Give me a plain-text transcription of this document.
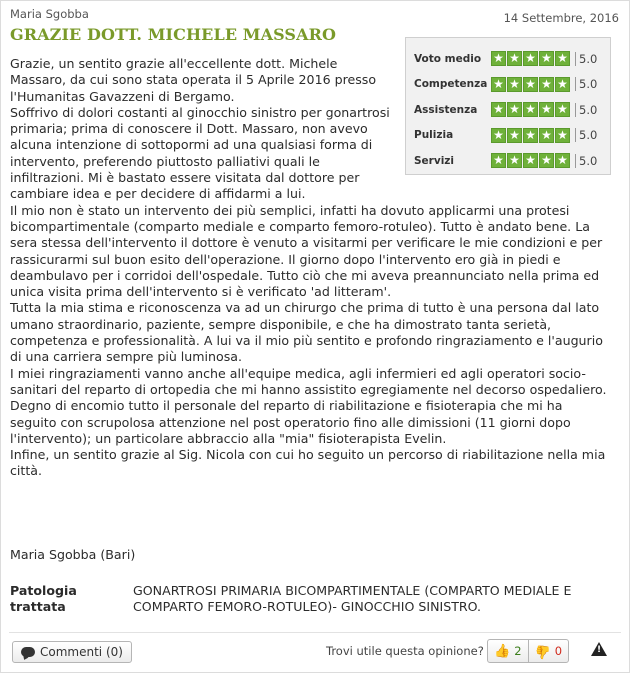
Maria Sgobba	14 Settembre, 2016
GRAZIE DOTT. MICHELE MASSARO

Grazie, un sentito grazie all'eccellente dott. Michele Massaro, da cui sono stata operata il 5 Aprile 2016 presso l'Humanitas Gavazzeni di Bergamo.

Soffrivo di dolori costanti al ginocchio sinistro per gonartrosi primaria; prima di conoscere il Dott. Massaro, non avevo alcuna intenzione di sottopormi ad una qualsiasi forma di intervento, preferendo piuttosto palliativi quali le infiltrazioni. Mi è bastato essere visitata dal dottore per cambiare idea e per decidere di affidarmi a lui.

Il mio non è stato un intervento dei più semplici, infatti ha dovuto applicarmi una protesi bicompartimentale (comparto mediale e comparto femoro-rotuleo). Tutto è andato bene. La sera stessa dell'intervento il dottore è venuto a visitarmi per verificare le mie condizioni e per rassicurarmi sul buon esito dell'operazione. Il giorno dopo l'intervento ero già in piedi e deambulavo per i corridoi dell'ospedale. Tutto ciò che mi aveva preannunciato nella prima ed unica visita prima dell'intervento si è verificato 'ad litteram'.

Tutta la mia stima e riconoscenza va ad un chirurgo che prima di tutto è una persona dal lato umano straordinario, paziente, sempre disponibile, e che ha dimostrato tanta serietà, competenza e professionalità. A lui va il mio più sentito e profondo ringraziamento e l'augurio di una carriera sempre più luminosa.

I miei ringraziamenti vanno anche all'equipe medica, agli infermieri ed agli operatori socio-sanitari del reparto di ortopedia che mi hanno assistito egregiamente nel decorso ospedaliero.

Degno di encomio tutto il personale del reparto di riabilitazione e fisioterapia che mi ha seguito con scrupolosa attenzione nel post operatorio fino alle dimissioni (11 giorni dopo l'intervento); un particolare abbraccio alla "mia" fisioterapista Evelin.

Infine, un sentito grazie al Sig. Nicola con cui ho seguito un percorso di riabilitazione nella mia città.

Voto medio	★ ★ ★ ★ ★ 5.0
Competenza ★ ★ ★ ★ ★ 5.0
Assistenza	★ ★ ★ ★ ★ 5.0
Pulizia	★ ★ ★ ★ ★ 5.0
Servizi	★ ★ ★ ★ ★ 5.0
Maria Sgobba (Bari)
Patologia trattata
GONARTROSI PRIMARIA BICOMPARTIMENTALE (COMPARTO MEDIALE E COMPARTO FEMORO-ROTULEO)- GINOCCHIO SINISTRO.
Commenti (0)	Trovi utile questa opinione? 👍 2 👍 0	!
